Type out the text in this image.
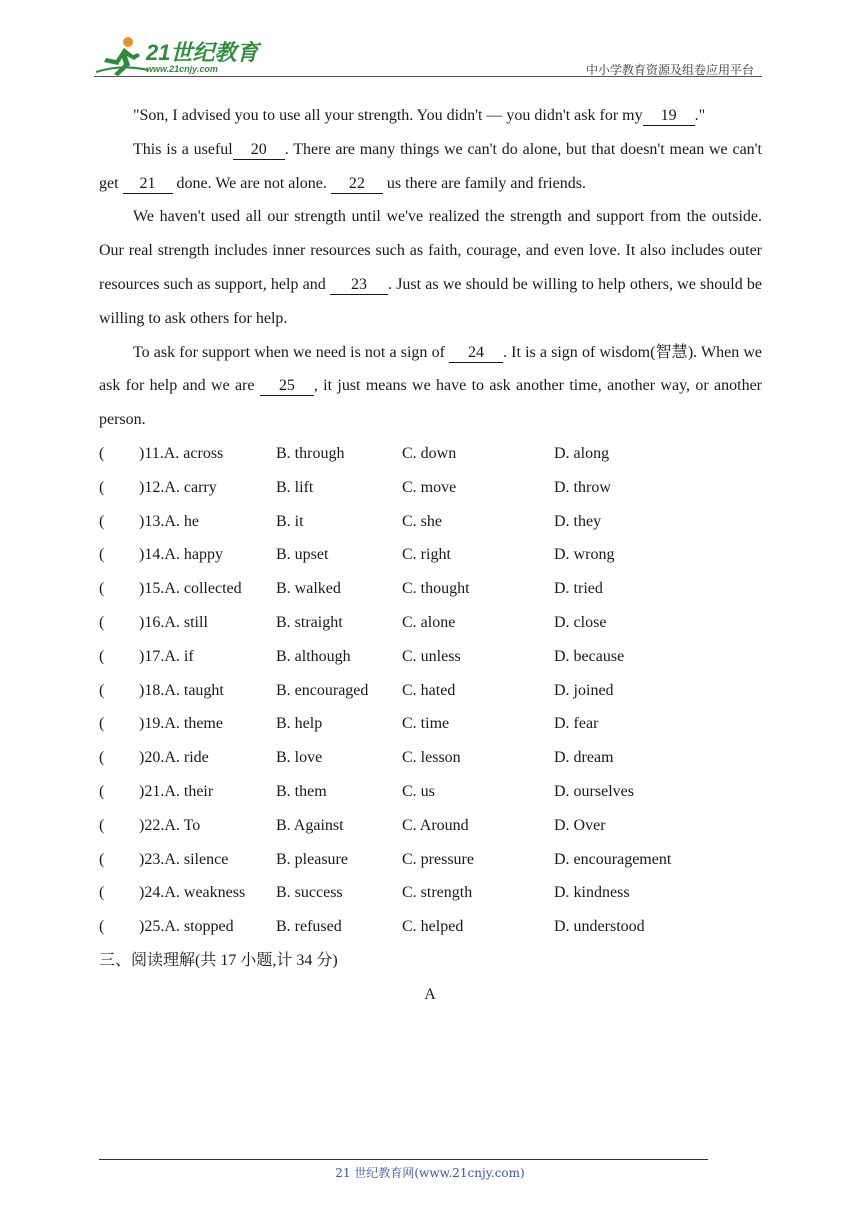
21世纪教育
www.21cnjy.com	中小学教育资源及组卷应用平台

"Son, I advised you to use all your strength. You didn't — you didn't ask for my 19 ."

This is a useful 20 . There are many things we can't do alone, but that doesn't mean we can't get 21 done. We are not alone. 22 us there are family and friends.

We haven't used all our strength until we've realized the strength and support from the outside. Our real strength includes inner resources such as faith, courage, and even love. It also includes outer resources such as support, help and 23 . Just as we should be willing to help others, we should be willing to ask others for help.

To ask for support when we need is not a sign of 24 . It is a sign of wisdom(智慧). When we ask for help and we are 25 , it just means we have to ask another time, another way, or another person.

( )11.A. across	B. through	C. down	D. along
( )12.A. carry	B. lift	C. move	D. throw
( )13.A. he	B. it	C. she	D. they
( )14.A. happy	B. upset	C. right	D. wrong
( )15.A. collected B. walked	C. thought	D. tried
( )16.A. still	B. straight	C. alone	D. close
( )17.A. if	B. although	C. unless	D. because
( )18.A. taught	B. encouraged C. hated	D. joined
( )19.A. theme	B. help	C. time	D. fear
( )20.A. ride	B. love	C. lesson	D. dream
( )21.A. their	B. them	C. us	D. ourselves
( )22.A. To	B. Against	C. Around	D. Over
( )23.A. silence	B. pleasure	C. pressure	D. encouragement
( )24.A. weakness B. success	C. strength	D. kindness
( )25.A. stopped	B. refused	C. helped	D. understood
三、阅读理解(共 17 小题,计 34 分)
A
21 世纪教育网(www.21cnjy.com)
